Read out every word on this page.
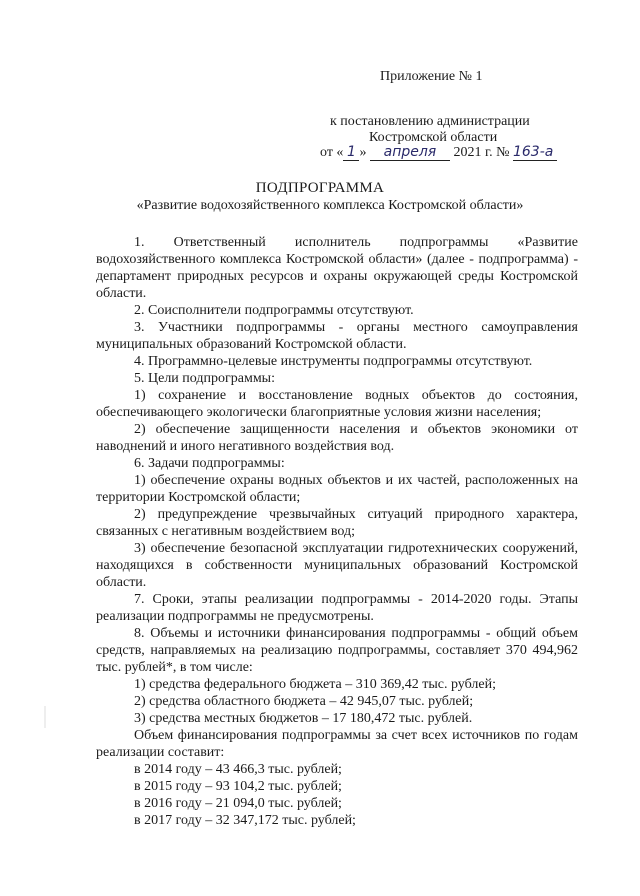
Приложение № 1
к постановлению администрации
Костромской области
от « 1 » апреля 2021 г. № 163-а
ПОДПРОГРАММА
«Развитие водохозяйственного комплекса Костромской области»

1. Ответственный исполнитель подпрограммы «Развитие водохозяйственного комплекса Костромской области» (далее - подпрограмма) - департамент природных ресурсов и охраны окружающей среды Костромской области.

2. Соисполнители подпрограммы отсутствуют.

3. Участники подпрограммы - органы местного самоуправления муниципальных образований Костромской области.

4. Программно-целевые инструменты подпрограммы отсутствуют.

5. Цели подпрограммы:

1) сохранение и восстановление водных объектов до состояния, обеспечивающего экологически благоприятные условия жизни населения;

2) обеспечение защищенности населения и объектов экономики от наводнений и иного негативного воздействия вод.

6. Задачи подпрограммы:

1) обеспечение охраны водных объектов и их частей, расположенных на территории Костромской области;

2) предупреждение чрезвычайных ситуаций природного характера, связанных с негативным воздействием вод;

3) обеспечение безопасной эксплуатации гидротехнических сооружений, находящихся в собственности муниципальных образований Костромской области.

7. Сроки, этапы реализации подпрограммы - 2014-2020 годы. Этапы реализации подпрограммы не предусмотрены.

8. Объемы и источники финансирования подпрограммы - общий объем средств, направляемых на реализацию подпрограммы, составляет 370 494,962 тыс. рублей*, в том числе:

1) средства федерального бюджета – 310 369,42 тыс. рублей;

2) средства областного бюджета – 42 945,07 тыс. рублей;

3) средства местных бюджетов – 17 180,472 тыс. рублей.

Объем финансирования подпрограммы за счет всех источников по годам реализации составит:

в 2014 году – 43 466,3 тыс. рублей;

в 2015 году – 93 104,2 тыс. рублей;

в 2016 году – 21 094,0 тыс. рублей;

в 2017 году – 32 347,172 тыс. рублей;
